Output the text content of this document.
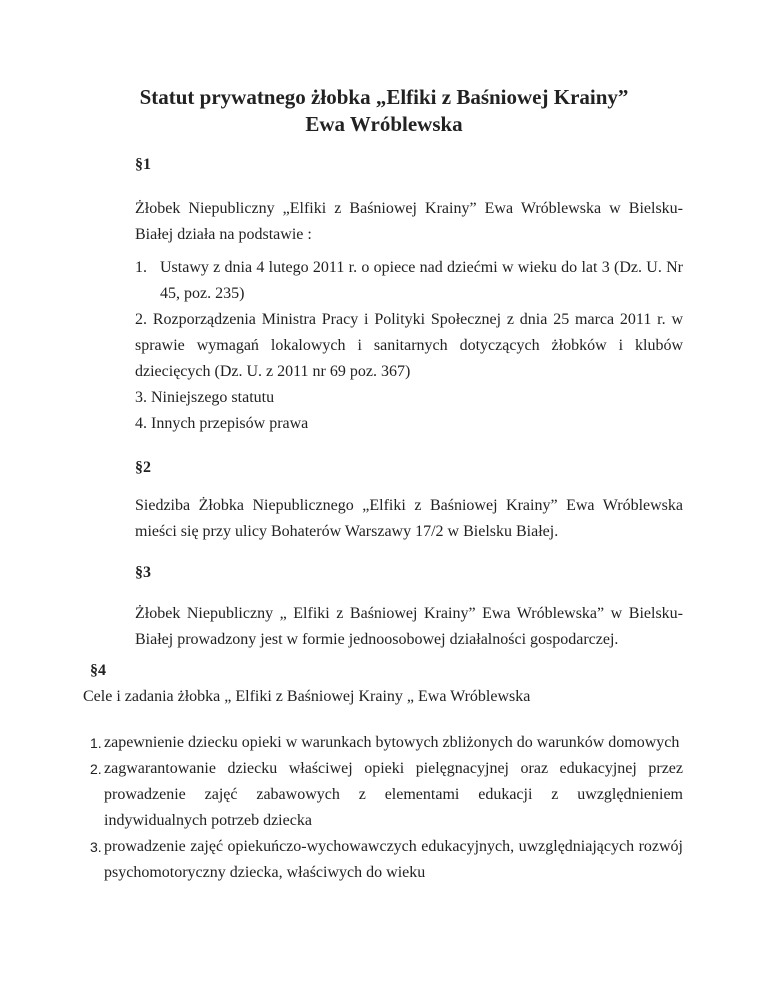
Statut prywatnego żłobka „Elfiki z Baśniowej Krainy”
Ewa Wróblewska
§1

Żłobek Niepubliczny „Elfiki z Baśniowej Krainy” Ewa Wróblewska w Bielsku-Białej działa na podstawie :

1. Ustawy z dnia 4 lutego 2011 r. o opiece nad dziećmi w wieku do lat 3 (Dz. U. Nr 45, poz. 235)

2. Rozporządzenia Ministra Pracy i Polityki Społecznej z dnia 25 marca 2011 r. w sprawie wymagań lokalowych i sanitarnych dotyczących żłobków i klubów dziecięcych (Dz. U. z 2011 nr 69 poz. 367)

3. Niniejszego statutu

4. Innych przepisów prawa

§2

Siedziba Żłobka Niepublicznego „Elfiki z Baśniowej Krainy” Ewa Wróblewska mieści się przy ulicy Bohaterów Warszawy 17/2 w Bielsku Białej.

§3

Żłobek Niepubliczny „ Elfiki z Baśniowej Krainy” Ewa Wróblewska” w Bielsku-Białej prowadzony jest w formie jednoosobowej działalności gospodarczej.

§4

Cele i zadania żłobka „ Elfiki z Baśniowej Krainy „ Ewa Wróblewska

1. zapewnienie dziecku opieki w warunkach bytowych zbliżonych do warunków domowych
2. zagwarantowanie dziecku właściwej opieki pielęgnacyjnej oraz edukacyjnej przez prowadzenie zajęć zabawowych z elementami edukacji z uwzględnieniem indywidualnych potrzeb dziecka
3. prowadzenie zajęć opiekuńczo-wychowawczych edukacyjnych, uwzględniających rozwój psychomotoryczny dziecka, właściwych do wieku
